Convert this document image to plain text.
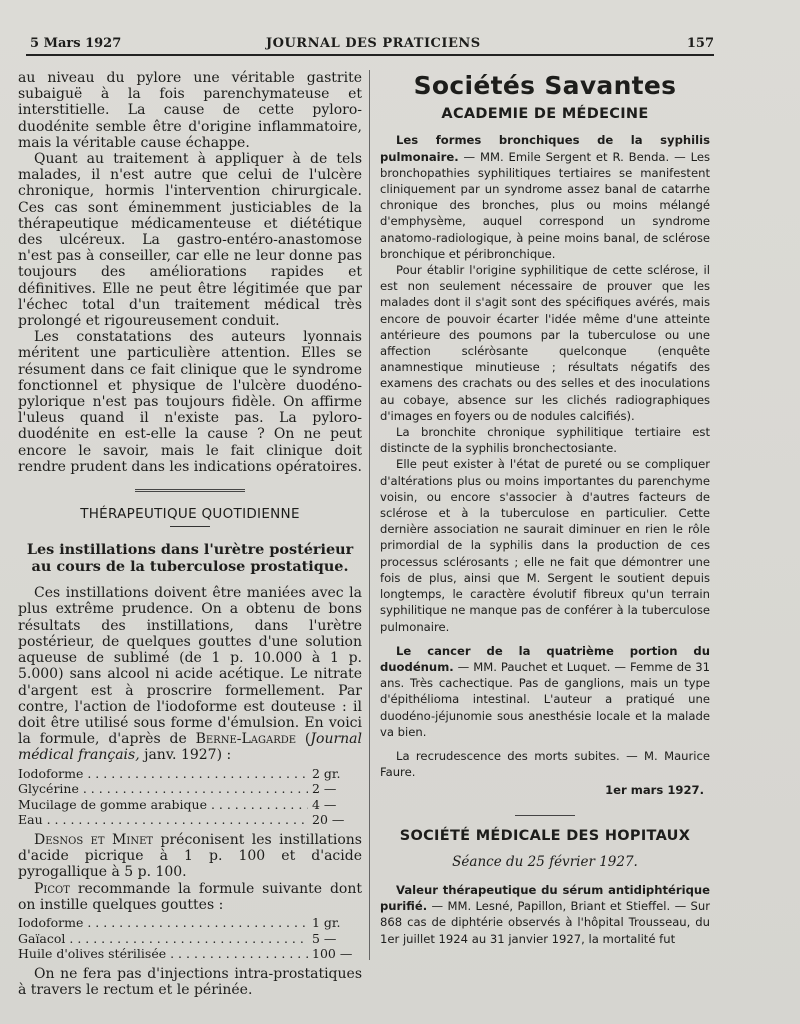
5 Mars 1927	JOURNAL DES PRATICIENS	157

au niveau du pylore une véritable gastrite subaiguë à la fois parenchymateuse et interstitielle. La cause de cette pyloro-duodénite semble être d'origine inflammatoire, mais la véritable cause échappe.

Quant au traitement à appliquer à de tels malades, il n'est autre que celui de l'ulcère chronique, hormis l'intervention chirurgicale. Ces cas sont éminemment justiciables de la thérapeutique médicamenteuse et diététique des ulcéreux. La gastro-entéro-anastomose n'est pas à conseiller, car elle ne leur donne pas toujours des améliorations rapides et définitives. Elle ne peut être légitimée que par l'échec total d'un traitement médical très prolongé et rigoureusement conduit.

Les constatations des auteurs lyonnais méritent une particulière attention. Elles se résument dans ce fait clinique que le syndrome fonctionnel et physique de l'ulcère duodéno-pylorique n'est pas toujours fidèle. On affirme l'uleus quand il n'existe pas. La pyloro-duodénite en est-elle la cause ? On ne peut encore le savoir, mais le fait clinique doit rendre prudent dans les indications opératoires.

THÉRAPEUTIQUE QUOTIDIENNE
Les instillations dans l'urètre postérieur au cours de la tuberculose prostatique.

Ces instillations doivent être maniées avec la plus extrême prudence. On a obtenu de bons résultats des instillations, dans l'urètre postérieur, de quelques gouttes d'une solution aqueuse de sublimé (de 1 p. 10.000 à 1 p. 5.000) sans alcool ni acide acétique. Le nitrate d'argent est à proscrire formellement. Par contre, l'action de l'iodoforme est douteuse : il doit être utilisé sous forme d'émulsion. En voici la formule, d'après de Berne-Lagarde (Journal médical français, janv. 1927) :

Iodoforme . . .	2 gr.
Glycérine . . .	2 —
Mucilage de gomme arabique . . .	4 —
Eau . . .	20 —

Desnos et Minet préconisent les instillations d'acide picrique à 1 p. 100 et d'acide pyrogallique à 5 p. 100.

Picot recommande la formule suivante dont on instille quelques gouttes :

Iodoforme . . .	1 gr.
Gaïacol . . .	5 —
Huile d'olives stérilisée . . .	100 —

On ne fera pas d'injections intra-prostatiques à travers le rectum et le périnée.

Sociétés Savantes
ACADEMIE DE MÉDECINE

Les formes bronchiques de la syphilis pulmonaire. — MM. Emile Sergent et R. Benda. — Les bronchopathies syphilitiques tertiaires se manifestent cliniquement par un syndrome assez banal de catarrhe chronique des bronches, plus ou moins mélangé d'emphysème, auquel correspond un syndrome anatomo-radiologique, à peine moins banal, de sclérose bronchique et péribronchique.

Pour établir l'origine syphilitique de cette sclérose, il est non seulement nécessaire de prouver que les malades dont il s'agit sont des spécifiques avérés, mais encore de pouvoir écarter l'idée même d'une atteinte antérieure des poumons par la tuberculose ou une affection scléròsante quelconque (enquête anamnestique minutieuse ; résultats négatifs des examens des crachats ou des selles et des inoculations au cobaye, absence sur les clichés radiographiques d'images en foyers ou de nodules calcifiés).

La bronchite chronique syphilitique tertiaire est distincte de la syphilis bronchectosiante.

Elle peut exister à l'état de pureté ou se compliquer d'altérations plus ou moins importantes du parenchyme voisin, ou encore s'associer à d'autres facteurs de sclérose et à la tuberculose en particulier. Cette dernière association ne saurait diminuer en rien le rôle primordial de la syphilis dans la production de ces processus sclérosants ; elle ne fait que démontrer une fois de plus, ainsi que M. Sergent le soutient depuis longtemps, le caractère évolutif fibreux qu'un terrain syphilitique ne manque pas de conférer à la tuberculose pulmonaire.

Le cancer de la quatrième portion du duodénum. — MM. Pauchet et Luquet. — Femme de 31 ans. Très cachectique. Pas de ganglions, mais un type d'épithélioma intestinal. L'auteur a pratiqué une duodéno-jéjunomie sous anesthésie locale et la malade va bien.

La recrudescence des morts subites. — M. Maurice Faure.

1er mars 1927.
SOCIÉTÉ MÉDICALE DES HOPITAUX
Séance du 25 février 1927.

Valeur thérapeutique du sérum antidiphtérique purifié. — MM. Lesné, Papillon, Briant et Stieffel. — Sur 868 cas de diphtérie observés à l'hôpital Trousseau, du 1er juillet 1924 au 31 janvier 1927, la mortalité fut
